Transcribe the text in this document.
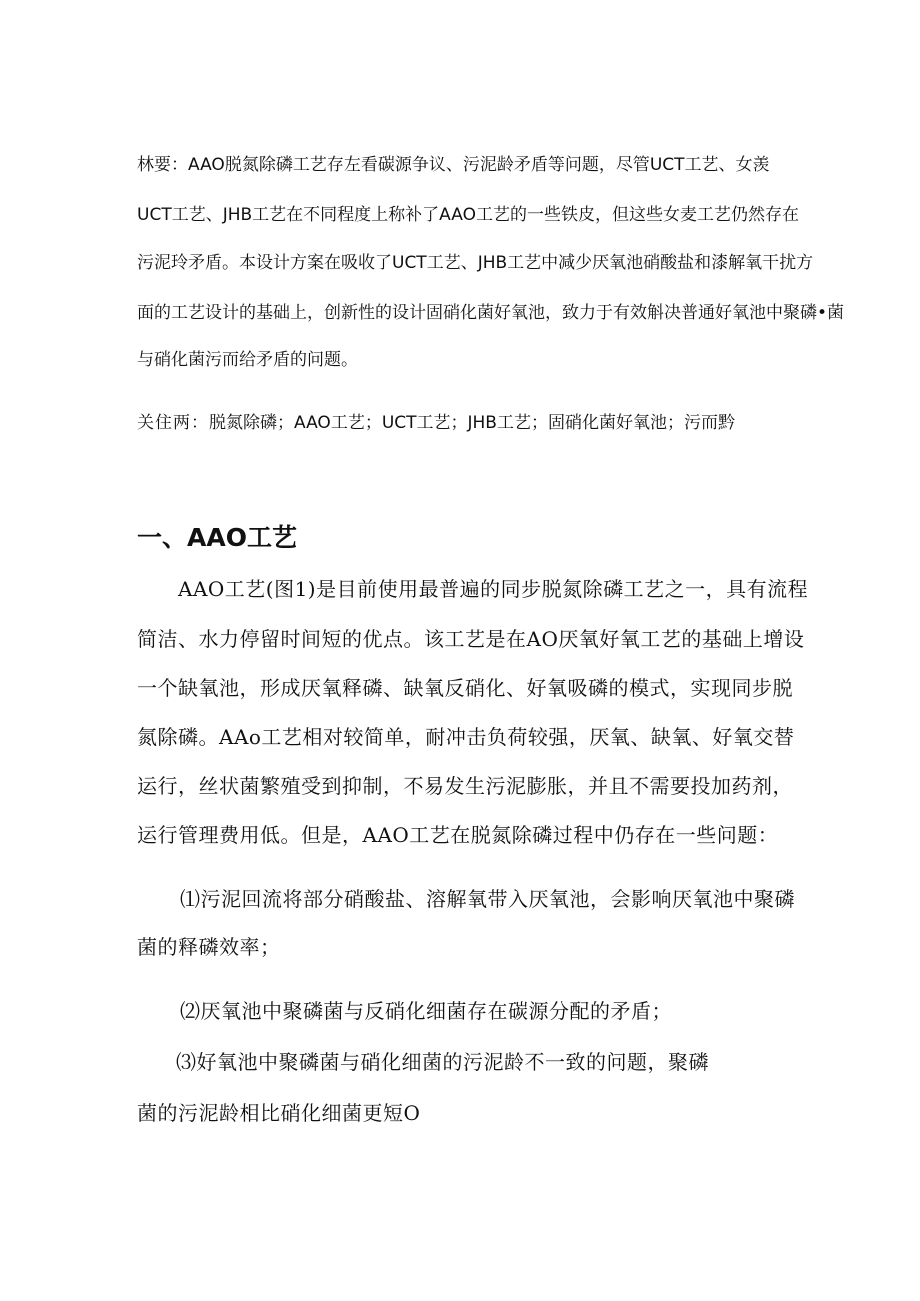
林要：AAO脱氮除磷工艺存左看碳源争议、污泥龄矛盾等问题，尽管UCT工艺、女羡

UCT工艺、JHB工艺在不同程度上称补了AAO工艺的一些铁皮，但这些女麦工艺仍然存在

污泥玲矛盾。本设计方案在吸收了UCT工艺、JHB工艺中减少厌氧池硝酸盐和漆解氧干扰方

面的工艺设计的基础上，创新性的设计固硝化菌好氧池，致力于有效斛决普通好氧池中聚磷•菌

与硝化菌污而给矛盾的问题。

关住两：脱氮除磷；AAO工艺；UCT工艺；JHB工艺；固硝化菌好氧池；污而黔
一、AAO工艺

AAO工艺(图1)是目前使用最普遍的同步脱氮除磷工艺之一，具有流程

简洁、水力停留时间短的优点。该工艺是在AO厌氧好氧工艺的基础上增设

一个缺氧池，形成厌氧释磷、缺氧反硝化、好氧吸磷的模式，实现同步脱

氮除磷。AAo工艺相对较简单，耐冲击负荷较强，厌氧、缺氧、好氧交替

运行，丝状菌繁殖受到抑制，不易发生污泥膨胀，并且不需要投加药剂，

运行管理费用低。但是，AAO工艺在脱氮除磷过程中仍存在一些问题：

⑴污泥回流将部分硝酸盐、溶解氧带入厌氧池，会影响厌氧池中聚磷

菌的释磷效率；

⑵厌氧池中聚磷菌与反硝化细菌存在碳源分配的矛盾；

⑶好氧池中聚磷菌与硝化细菌的污泥龄不一致的问题，聚磷

菌的污泥龄相比硝化细菌更短O
